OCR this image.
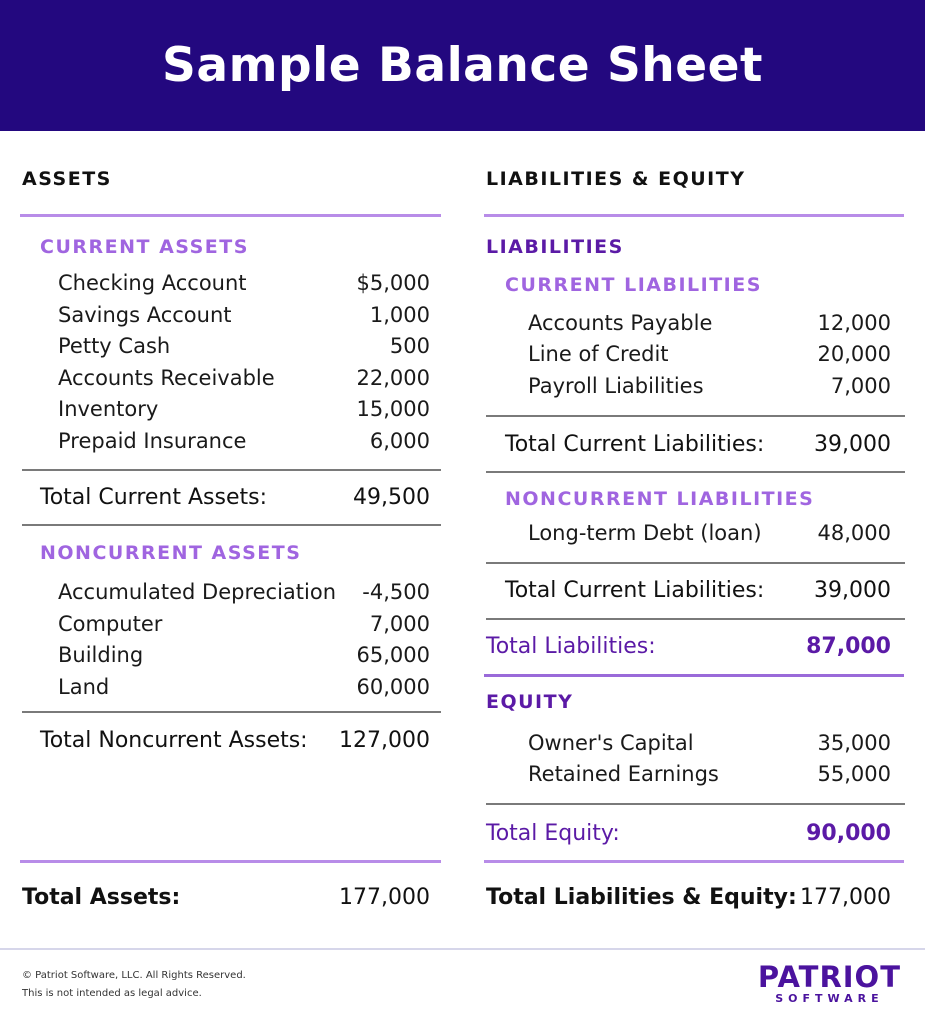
Sample Balance Sheet
ASSETS
CURRENT ASSETS
Checking Account	$5,000
Savings Account	1,000
Petty Cash	500
Accounts Receivable	22,000
Inventory	15,000
Prepaid Insurance	6,000
Total Current Assets:	49,500
NONCURRENT ASSETS
Accumulated Depreciation -4,500
Computer	7,000
Building	65,000
Land	60,000
Total Noncurrent Assets: 127,000
Total Assets:	177,000
LIABILITIES & EQUITY
LIABILITIES
CURRENT LIABILITIES
Accounts Payable	12,000
Line of Credit	20,000
Payroll Liabilities	7,000
Total Current Liabilities: 39,000
NONCURRENT LIABILITIES
Long-term Debt (loan)	48,000
Total Current Liabilities: 39,000
Total Liabilities:	87,000
EQUITY
Owner's Capital	35,000
Retained Earnings	55,000
Total Equity:	90,000
Total Liabilities & Equity: 177,000
© Patriot Software, LLC. All Rights Reserved.
This is not intended as legal advice.	PATRIOT
SOFTWARE
